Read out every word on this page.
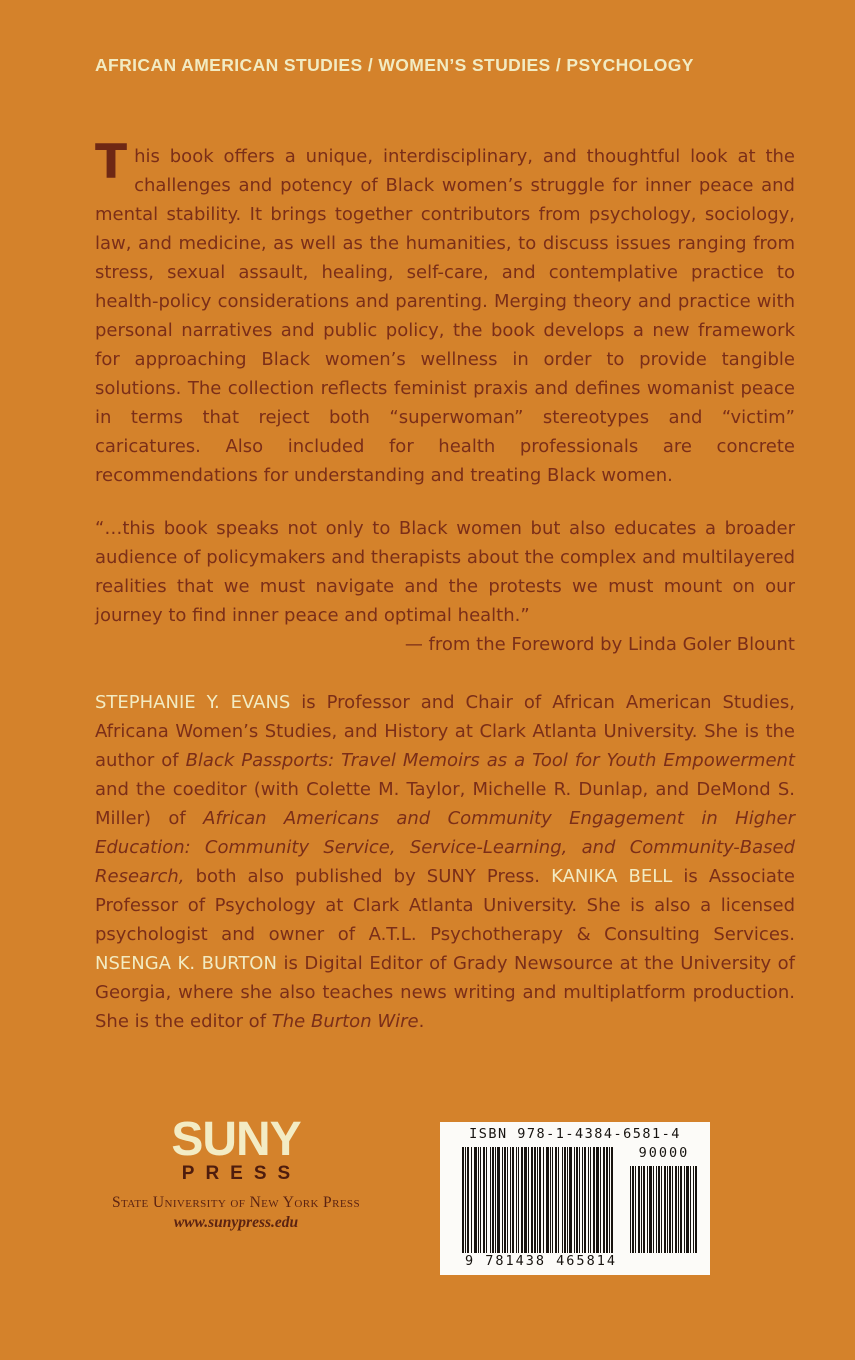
AFRICAN AMERICAN STUDIES / WOMEN’S STUDIES / PSYCHOLOGY

This book offers a unique, interdisciplinary, and thoughtful look at the challenges and potency of Black women’s struggle for inner peace and mental stability. It brings together contributors from psychology, sociology, law, and medicine, as well as the humanities, to discuss issues ranging from stress, sexual assault, healing, self-care, and contemplative practice to health-policy considerations and parenting. Merging theory and practice with personal narratives and public policy, the book develops a new framework for approaching Black women’s wellness in order to provide tangible solutions. The collection reflects feminist praxis and defines womanist peace in terms that reject both “superwoman” stereotypes and “victim” caricatures. Also included for health professionals are concrete recommendations for understanding and treating Black women.

“…this book speaks not only to Black women but also educates a broader audience of policymakers and therapists about the complex and multilayered realities that we must navigate and the protests we must mount on our journey to find inner peace and optimal health.”

— from the Foreword by Linda Goler Blount

STEPHANIE Y. EVANS is Professor and Chair of African American Studies, Africana Women’s Studies, and History at Clark Atlanta University. She is the author of Black Passports: Travel Memoirs as a Tool for Youth Empowerment and the coeditor (with Colette M. Taylor, Michelle R. Dunlap, and DeMond S. Miller) of African Americans and Community Engagement in Higher Education: Community Service, Service-Learning, and Community-Based Research, both also published by SUNY Press. KANIKA BELL is Associate Professor of Psychology at Clark Atlanta University. She is also a licensed psychologist and owner of A.T.L. Psychotherapy & Consulting Services. NSENGA K. BURTON is Digital Editor of Grady Newsource at the University of Georgia, where she also teaches news writing and multiplatform production. She is the editor of The Burton Wire.

SUNY
PRESS
State University of New York Press
www.sunypress.edu
ISBN 978-1-4384-6581-4
90000
9 781438 465814
